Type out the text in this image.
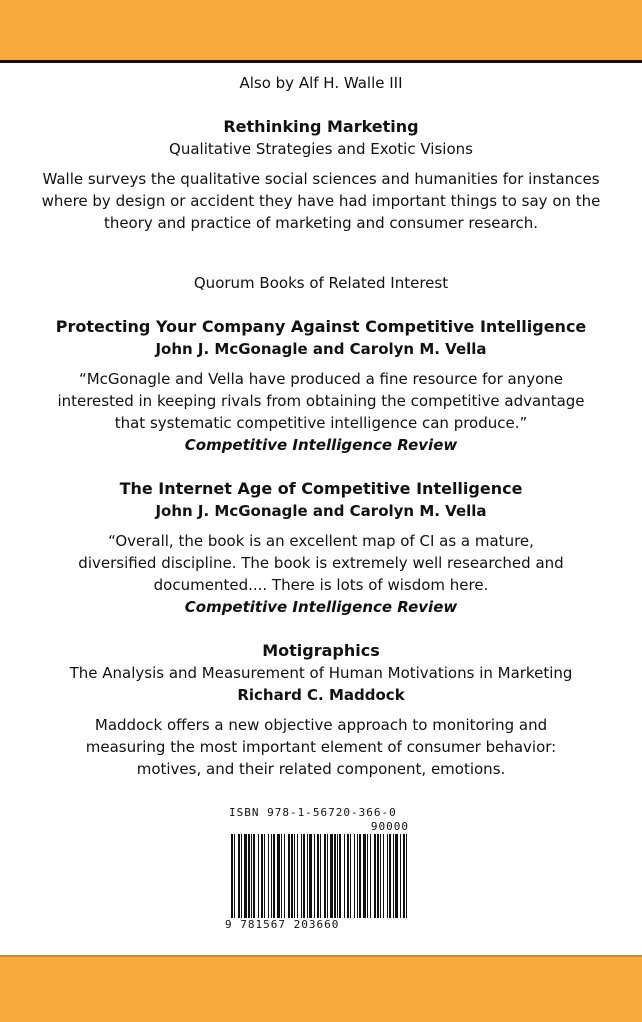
Also by Alf H. Walle III

Rethinking Marketing

Qualitative Strategies and Exotic Visions

Walle surveys the qualitative social sciences and humanities for instances
where by design or accident they have had important things to say on the
theory and practice of marketing and consumer research.

Quorum Books of Related Interest

Protecting Your Company Against Competitive Intelligence

John J. McGonagle and Carolyn M. Vella

“McGonagle and Vella have produced a fine resource for anyone
interested in keeping rivals from obtaining the competitive advantage
that systematic competitive intelligence can produce.”
Competitive Intelligence Review

The Internet Age of Competitive Intelligence

John J. McGonagle and Carolyn M. Vella

“Overall, the book is an excellent map of CI as a mature,
diversified discipline. The book is extremely well researched and
documented.... There is lots of wisdom here.
Competitive Intelligence Review

Motigraphics

The Analysis and Measurement of Human Motivations in Marketing

Richard C. Maddock

Maddock offers a new objective approach to monitoring and
measuring the most important element of consumer behavior:
motives, and their related component, emotions.
ISBN 978-1-56720-366-0
90000
9 781567 203660
